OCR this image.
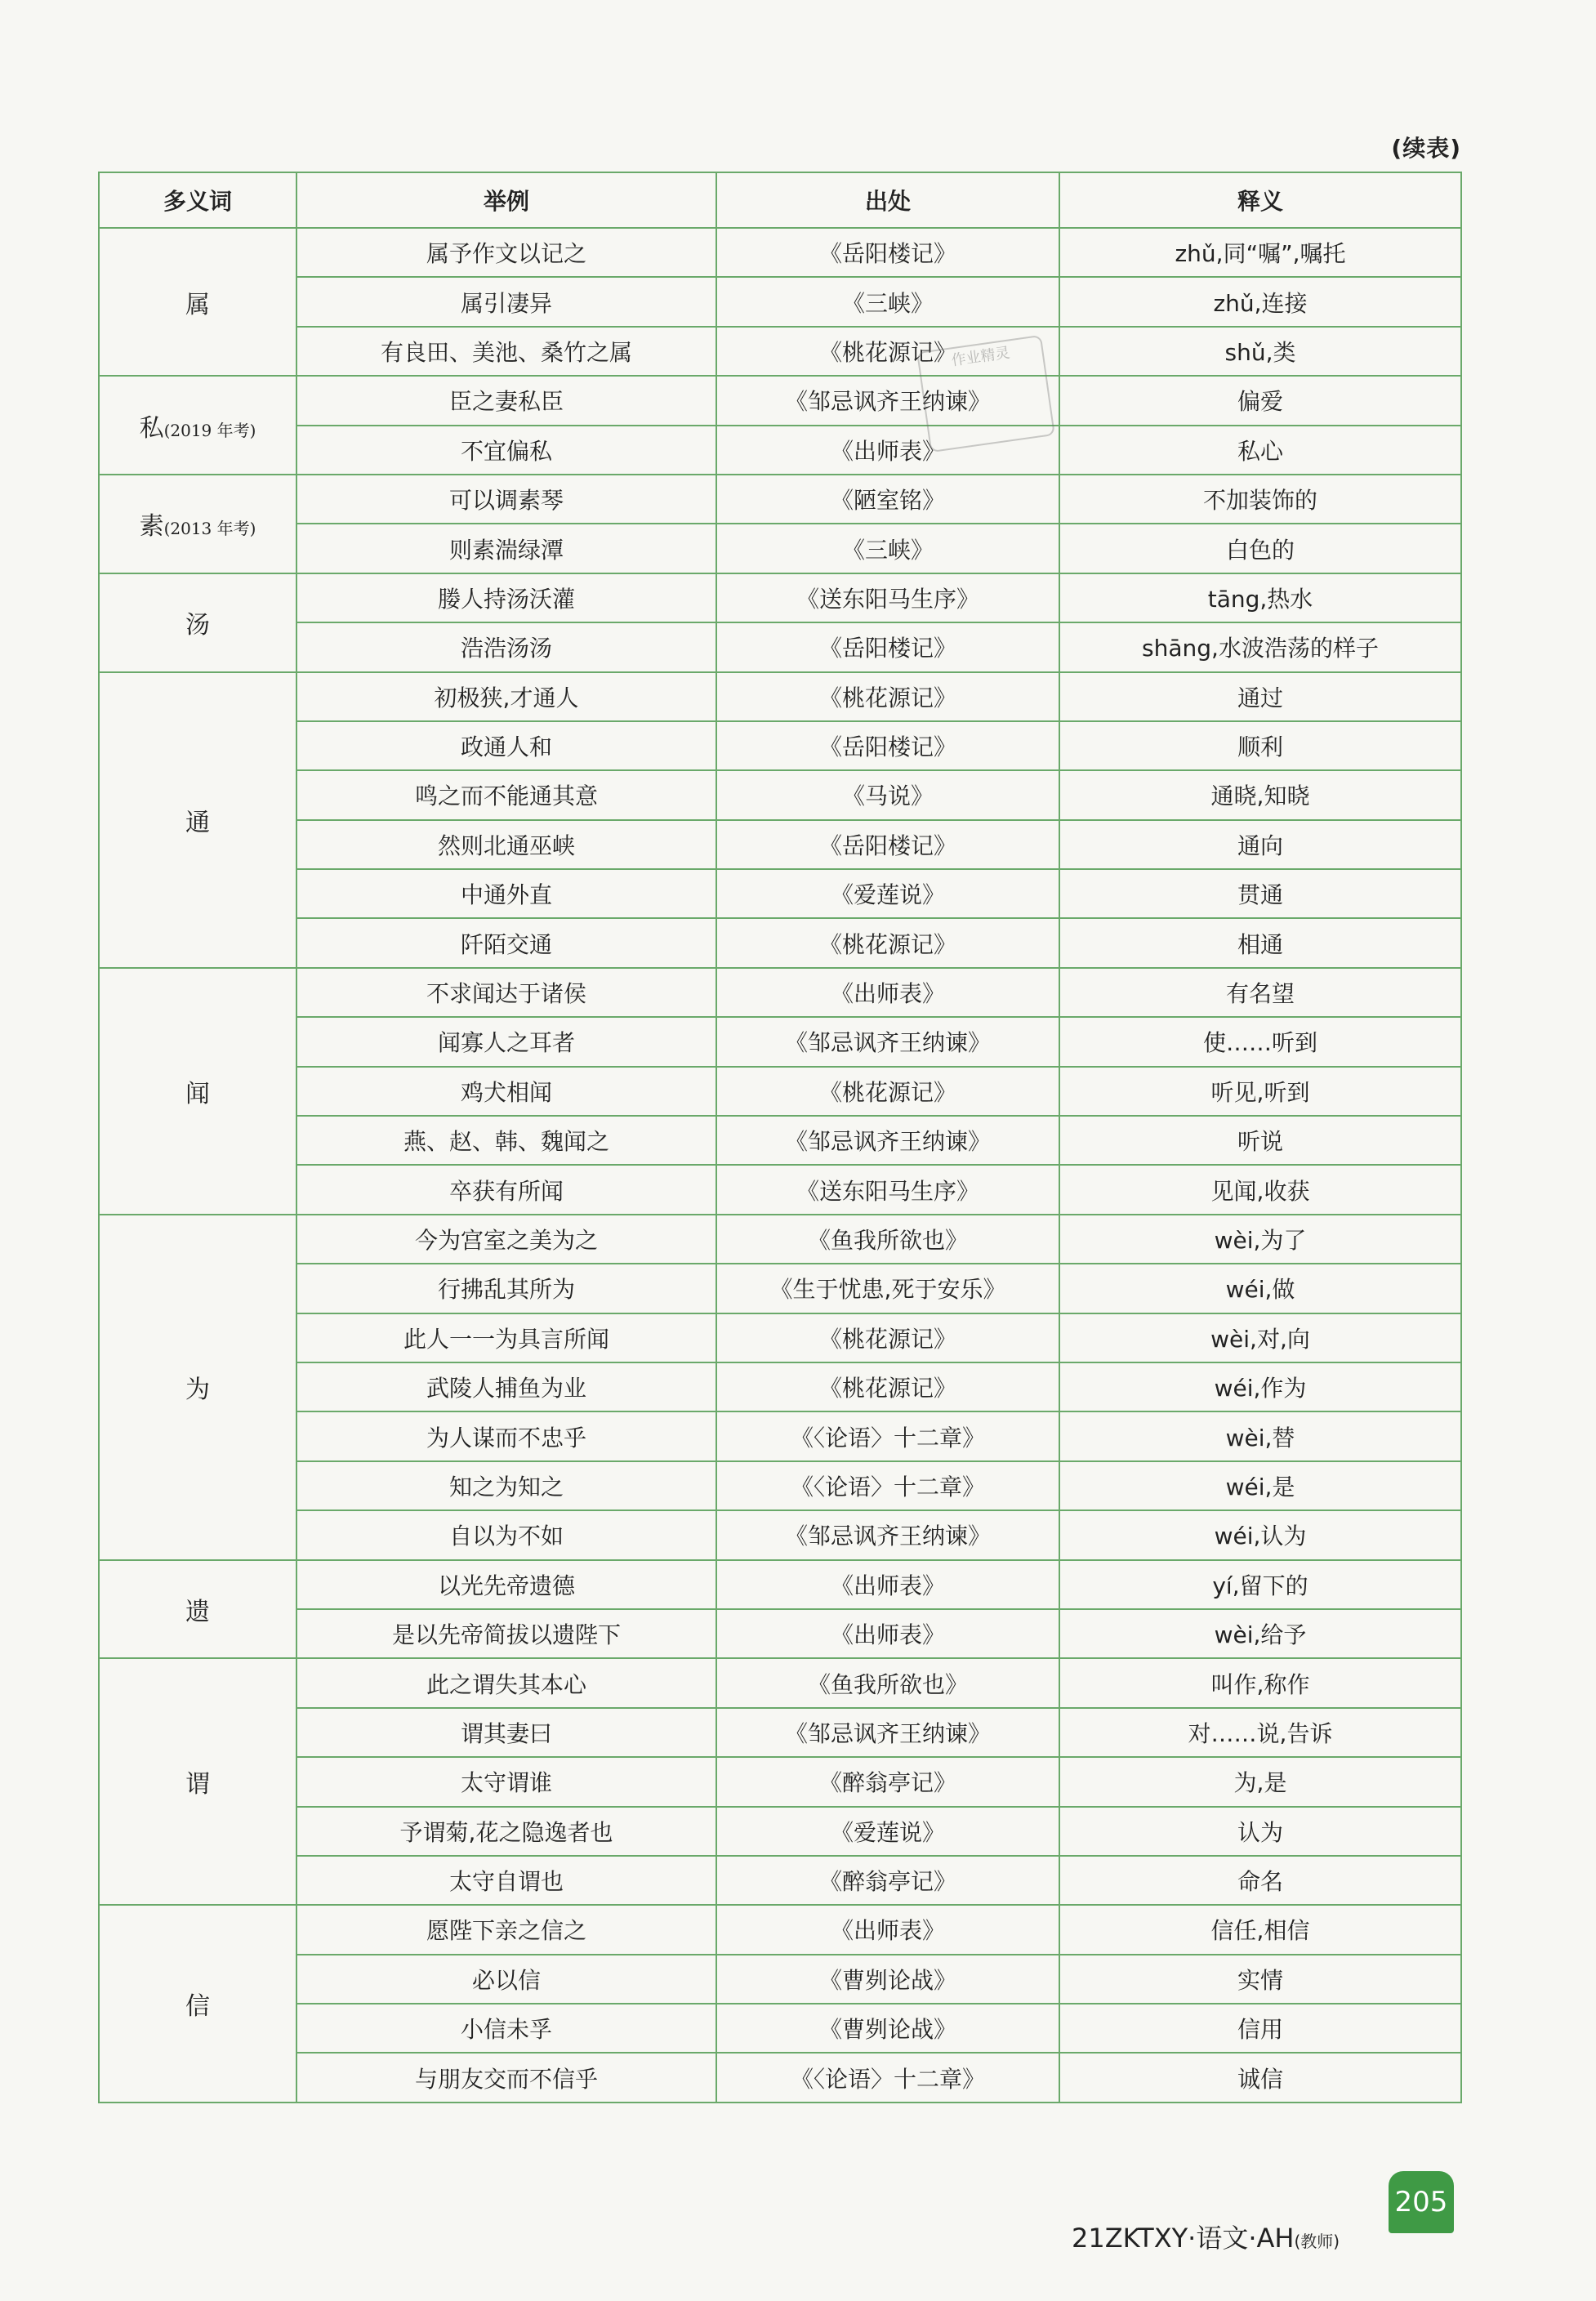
(续表)
多义词	举例	出处	释义
属	属予作文以记之	《岳阳楼记》	zhǔ,同“嘱”,嘱托
	属引凄异	《三峡》	zhǔ,连接
	有良田、美池、桑竹之属	《桃花源记》	shǔ,类
私(2019 年考)	臣之妻私臣	《邹忌讽齐王纳谏》	偏爱
	不宜偏私	《出师表》	私心
素(2013 年考)	可以调素琴	《陋室铭》	不加装饰的
	则素湍绿潭	《三峡》	白色的
汤	媵人持汤沃灌	《送东阳马生序》	tāng,热水
	浩浩汤汤	《岳阳楼记》	shāng,水波浩荡的样子
通	初极狭,才通人	《桃花源记》	通过
	政通人和	《岳阳楼记》	顺利
	鸣之而不能通其意	《马说》	通晓,知晓
	然则北通巫峡	《岳阳楼记》	通向
	中通外直	《爱莲说》	贯通
	阡陌交通	《桃花源记》	相通
闻	不求闻达于诸侯	《出师表》	有名望
	闻寡人之耳者	《邹忌讽齐王纳谏》	使……听到
	鸡犬相闻	《桃花源记》	听见,听到
	燕、赵、韩、魏闻之	《邹忌讽齐王纳谏》	听说
	卒获有所闻	《送东阳马生序》	见闻,收获
为	今为宫室之美为之	《鱼我所欲也》	wèi,为了
	行拂乱其所为	《生于忧患,死于安乐》	wéi,做
	此人一一为具言所闻	《桃花源记》	wèi,对,向
	武陵人捕鱼为业	《桃花源记》	wéi,作为
	为人谋而不忠乎	《〈论语〉十二章》	wèi,替
	知之为知之	《〈论语〉十二章》	wéi,是
	自以为不如	《邹忌讽齐王纳谏》	wéi,认为
遗	以光先帝遗德	《出师表》	yí,留下的
	是以先帝简拔以遗陛下	《出师表》	wèi,给予
谓	此之谓失其本心	《鱼我所欲也》	叫作,称作
	谓其妻曰	《邹忌讽齐王纳谏》	对……说,告诉
	太守谓谁	《醉翁亭记》	为,是
	予谓菊,花之隐逸者也	《爱莲说》	认为
	太守自谓也	《醉翁亭记》	命名
信	愿陛下亲之信之	《出师表》	信任,相信
	必以信	《曹刿论战》	实情
	小信未孚	《曹刿论战》	信用
	与朋友交而不信乎	《〈论语〉十二章》	诚信
作业精灵
21ZKTXY·语文·AH(教师)
205
